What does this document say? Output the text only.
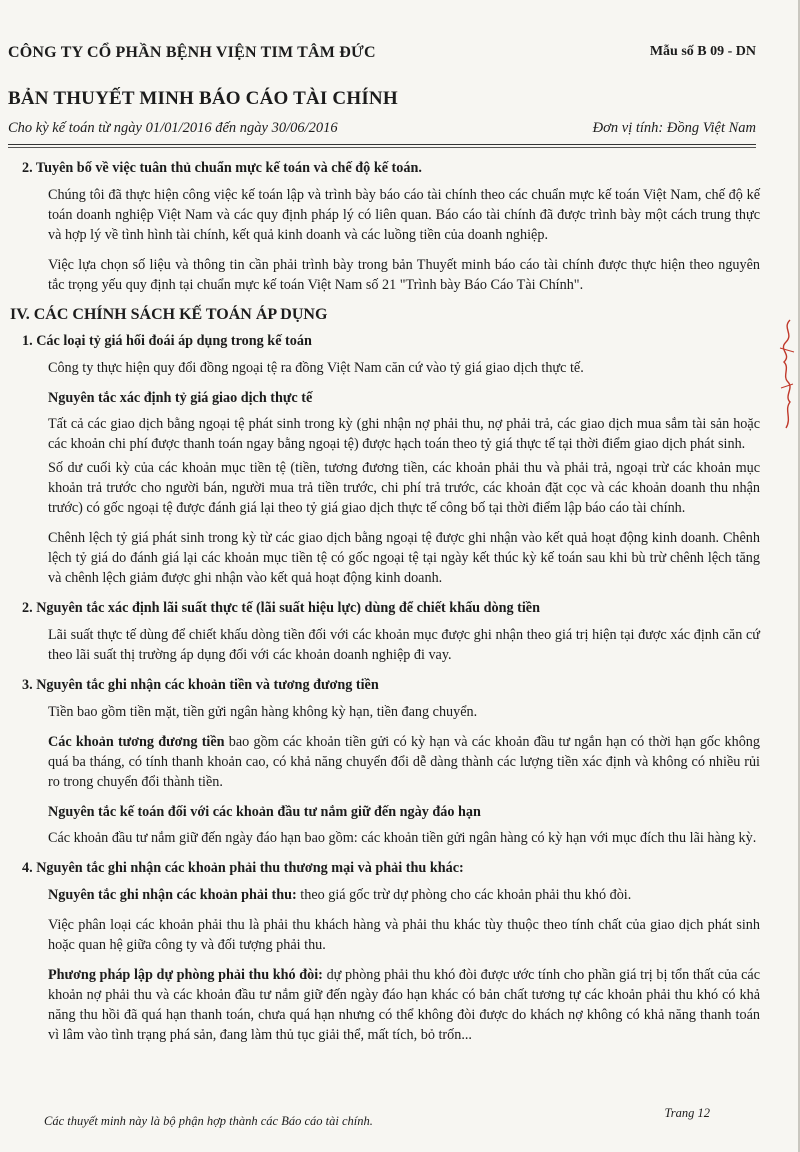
CÔNG TY CỔ PHẦN BỆNH VIỆN TIM TÂM ĐỨC	Mẫu số B 09 - DN
BẢN THUYẾT MINH BÁO CÁO TÀI CHÍNH
Cho kỳ kế toán từ ngày 01/01/2016 đến ngày 30/06/2016	Đơn vị tính: Đồng Việt Nam
2. Tuyên bố về việc tuân thủ chuẩn mực kế toán và chế độ kế toán.

Chúng tôi đã thực hiện công việc kế toán lập và trình bày báo cáo tài chính theo các chuẩn mực kế toán Việt Nam, chế độ kế toán doanh nghiệp Việt Nam và các quy định pháp lý có liên quan. Báo cáo tài chính đã được trình bày một cách trung thực và hợp lý về tình hình tài chính, kết quả kinh doanh và các luồng tiền của doanh nghiệp.

Việc lựa chọn số liệu và thông tin cần phải trình bày trong bản Thuyết minh báo cáo tài chính được thực hiện theo nguyên tắc trọng yếu quy định tại chuẩn mực kế toán Việt Nam số 21 "Trình bày Báo Cáo Tài Chính".

IV. CÁC CHÍNH SÁCH KẾ TOÁN ÁP DỤNG
1. Các loại tỷ giá hối đoái áp dụng trong kế toán

Công ty thực hiện quy đổi đồng ngoại tệ ra đồng Việt Nam căn cứ vào tỷ giá giao dịch thực tế.

Nguyên tắc xác định tỷ giá giao dịch thực tế

Tất cả các giao dịch bằng ngoại tệ phát sinh trong kỳ (ghi nhận nợ phải thu, nợ phải trả, các giao dịch mua sắm tài sản hoặc các khoản chi phí được thanh toán ngay bằng ngoại tệ) được hạch toán theo tỷ giá thực tế tại thời điểm giao dịch phát sinh.

Số dư cuối kỳ của các khoản mục tiền tệ (tiền, tương đương tiền, các khoản phải thu và phải trả, ngoại trừ các khoản mục khoản trả trước cho người bán, người mua trả tiền trước, chi phí trả trước, các khoản đặt cọc và các khoản doanh thu nhận trước) có gốc ngoại tệ được đánh giá lại theo tỷ giá giao dịch thực tế công bố tại thời điểm lập báo cáo tài chính.

Chênh lệch tỷ giá phát sinh trong kỳ từ các giao dịch bằng ngoại tệ được ghi nhận vào kết quả hoạt động kinh doanh. Chênh lệch tỷ giá do đánh giá lại các khoản mục tiền tệ có gốc ngoại tệ tại ngày kết thúc kỳ kế toán sau khi bù trừ chênh lệch tăng và chênh lệch giảm được ghi nhận vào kết quả hoạt động kinh doanh.

2. Nguyên tắc xác định lãi suất thực tế (lãi suất hiệu lực) dùng để chiết khấu dòng tiền

Lãi suất thực tế dùng để chiết khấu dòng tiền đối với các khoản mục được ghi nhận theo giá trị hiện tại được xác định căn cứ theo lãi suất thị trường áp dụng đối với các khoản doanh nghiệp đi vay.

3. Nguyên tắc ghi nhận các khoản tiền và tương đương tiền

Tiền bao gồm tiền mặt, tiền gửi ngân hàng không kỳ hạn, tiền đang chuyển.

Các khoản tương đương tiền bao gồm các khoản tiền gửi có kỳ hạn và các khoản đầu tư ngắn hạn có thời hạn gốc không quá ba tháng, có tính thanh khoản cao, có khả năng chuyển đổi dễ dàng thành các lượng tiền xác định và không có nhiều rủi ro trong chuyển đổi thành tiền.

Nguyên tắc kế toán đối với các khoản đầu tư nắm giữ đến ngày đáo hạn

Các khoản đầu tư nắm giữ đến ngày đáo hạn bao gồm: các khoản tiền gửi ngân hàng có kỳ hạn với mục đích thu lãi hàng kỳ.

4. Nguyên tắc ghi nhận các khoản phải thu thương mại và phải thu khác:

Nguyên tắc ghi nhận các khoản phải thu: theo giá gốc trừ dự phòng cho các khoản phải thu khó đòi.

Việc phân loại các khoản phải thu là phải thu khách hàng và phải thu khác tùy thuộc theo tính chất của giao dịch phát sinh hoặc quan hệ giữa công ty và đối tượng phải thu.

Phương pháp lập dự phòng phải thu khó đòi: dự phòng phải thu khó đòi được ước tính cho phần giá trị bị tổn thất của các khoản nợ phải thu và các khoản đầu tư nắm giữ đến ngày đáo hạn khác có bản chất tương tự các khoản phải thu khó có khả năng thu hồi đã quá hạn thanh toán, chưa quá hạn nhưng có thể không đòi được do khách nợ không có khả năng thanh toán vì lâm vào tình trạng phá sản, đang làm thủ tục giải thể, mất tích, bỏ trốn...

Các thuyết minh này là bộ phận hợp thành các Báo cáo tài chính.
Trang 12
